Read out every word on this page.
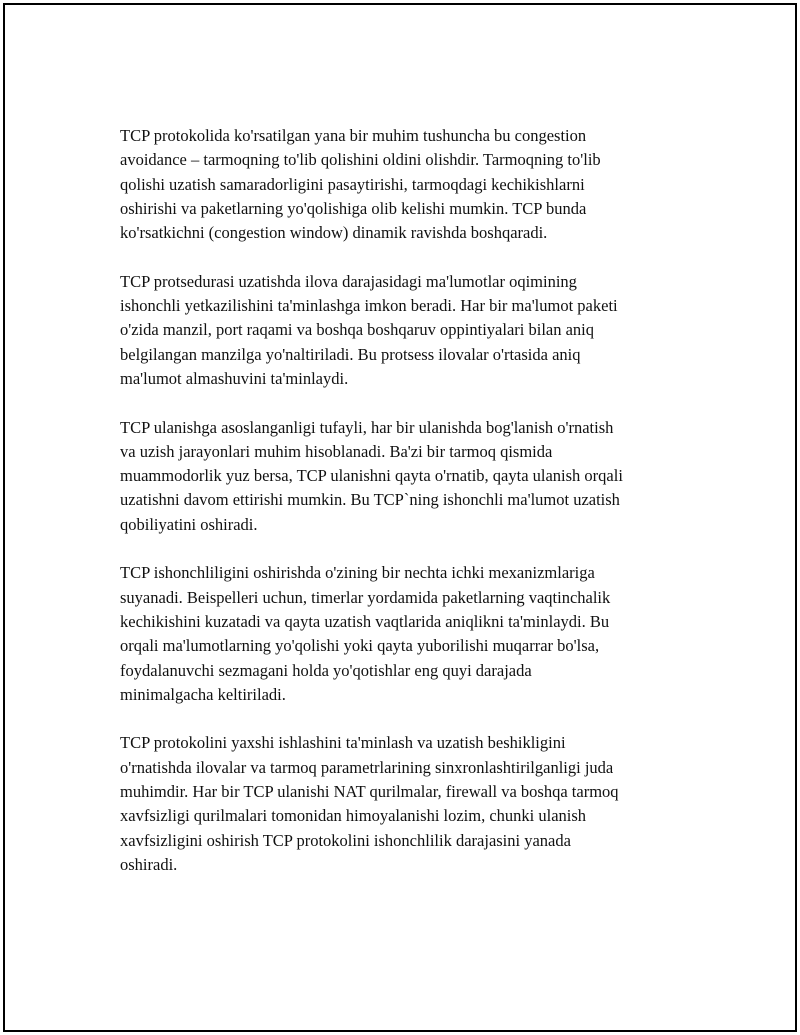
TCP protokolida ko'rsatilgan yana bir muhim tushuncha bu congestion
avoidance – tarmoqning to'lib qolishini oldini olishdir. Tarmoqning to'lib
qolishi uzatish samaradorligini pasaytirishi, tarmoqdagi kechikishlarni
oshirishi va paketlarning yo'qolishiga olib kelishi mumkin. TCP bunda
ko'rsatkichni (congestion window) dinamik ravishda boshqaradi.

TCP protsedurasi uzatishda ilova darajasidagi ma'lumotlar oqimining
ishonchli yetkazilishini ta'minlashga imkon beradi. Har bir ma'lumot paketi
o'zida manzil, port raqami va boshqa boshqaruv oppintiyalari bilan aniq
belgilangan manzilga yo'naltiriladi. Bu protsess ilovalar o'rtasida aniq
ma'lumot almashuvini ta'minlaydi.

TCP ulanishga asoslanganligi tufayli, har bir ulanishda bog'lanish o'rnatish
va uzish jarayonlari muhim hisoblanadi. Ba'zi bir tarmoq qismida
muammodorlik yuz bersa, TCP ulanishni qayta o'rnatib, qayta ulanish orqali
uzatishni davom ettirishi mumkin. Bu TCP`ning ishonchli ma'lumot uzatish
qobiliyatini oshiradi.

TCP ishonchliligini oshirishda o'zining bir nechta ichki mexanizmlariga
suyanadi. Beispelleri uchun, timerlar yordamida paketlarning vaqtinchalik
kechikishini kuzatadi va qayta uzatish vaqtlarida aniqlikni ta'minlaydi. Bu
orqali ma'lumotlarning yo'qolishi yoki qayta yuborilishi muqarrar bo'lsa,
foydalanuvchi sezmagani holda yo'qotishlar eng quyi darajada
minimalgacha keltiriladi.

TCP protokolini yaxshi ishlashini ta'minlash va uzatish beshikligini
o'rnatishda ilovalar va tarmoq parametrlarining sinxronlashtirilganligi juda
muhimdir. Har bir TCP ulanishi NAT qurilmalar, firewall va boshqa tarmoq
xavfsizligi qurilmalari tomonidan himoyalanishi lozim, chunki ulanish
xavfsizligini oshirish TCP protokolini ishonchlilik darajasini yanada
oshiradi.
